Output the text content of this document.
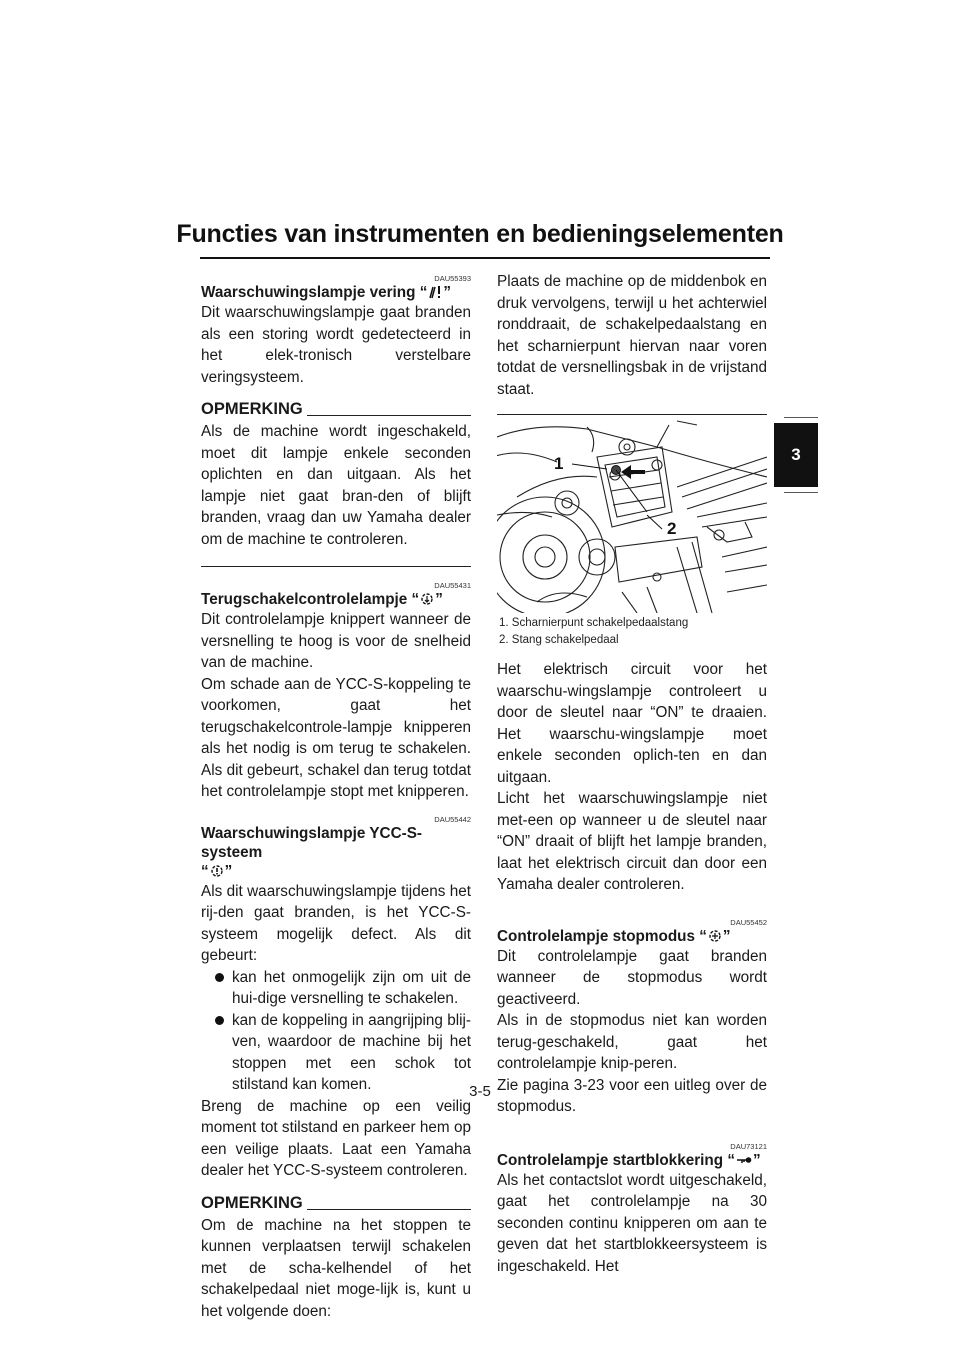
Functies van instrumenten en bedieningselementen
3
DAU55393
Waarschuwingslampje vering “ ”
Dit waarschuwingslampje gaat branden als een storing wordt gedetecteerd in het elek-tronisch verstelbare veringsysteem.
OPMERKING
Als de machine wordt ingeschakeld, moet dit lampje enkele seconden oplichten en dan uitgaan. Als het lampje niet gaat bran-den of blijft branden, vraag dan uw Yamaha dealer om de machine te controleren.
DAU55431
Terugschakelcontrolelampje “ ”
Dit controlelampje knippert wanneer de versnelling te hoog is voor de snelheid van de machine.
Om schade aan de YCC-S-koppeling te voorkomen, gaat het terugschakelcontrole-lampje knipperen als het nodig is om terug te schakelen. Als dit gebeurt, schakel dan terug totdat het controlelampje stopt met knipperen.
DAU55442
Waarschuwingslampje YCC-S-systeem
“ ”
Als dit waarschuwingslampje tijdens het rij-den gaat branden, is het YCC-S-systeem mogelijk defect. Als dit gebeurt:
kan het onmogelijk zijn om uit de hui-dige versnelling te schakelen.
kan de koppeling in aangrijping blij-ven, waardoor de machine bij het stoppen met een schok tot stilstand kan komen.
Breng de machine op een veilig moment tot stilstand en parkeer hem op een veilige plaats. Laat een Yamaha dealer het YCC-S-systeem controleren.
OPMERKING
Om de machine na het stoppen te kunnen verplaatsen terwijl schakelen met de scha-kelhendel of het schakelpedaal niet moge-lijk is, kunt u het volgende doen:
Plaats de machine op de middenbok en druk vervolgens, terwijl u het achterwiel ronddraait, de schakelpedaalstang en het scharnierpunt hiervan naar voren totdat de versnellingsbak in de vrijstand staat.
1
2
1. Scharnierpunt schakelpedaalstang
2. Stang schakelpedaal
Het elektrisch circuit voor het waarschu-wingslampje controleert u door de sleutel naar “ON” te draaien. Het waarschu-wingslampje moet enkele seconden oplich-ten en dan uitgaan.
Licht het waarschuwingslampje niet met-een op wanneer u de sleutel naar “ON” draait of blijft het lampje branden, laat het elektrisch circuit dan door een Yamaha dealer controleren.
DAU55452
Controlelampje stopmodus “ ”
Dit controlelampje gaat branden wanneer de stopmodus wordt geactiveerd.
Als in de stopmodus niet kan worden terug-geschakeld, gaat het controlelampje knip-peren.
Zie pagina 3-23 voor een uitleg over de stopmodus.
DAU73121
Controlelampje startblokkering “ ”
Als het contactslot wordt uitgeschakeld, gaat het controlelampje na 30 seconden continu knipperen om aan te geven dat het startblokkeersysteem is ingeschakeld. Het
3-5
